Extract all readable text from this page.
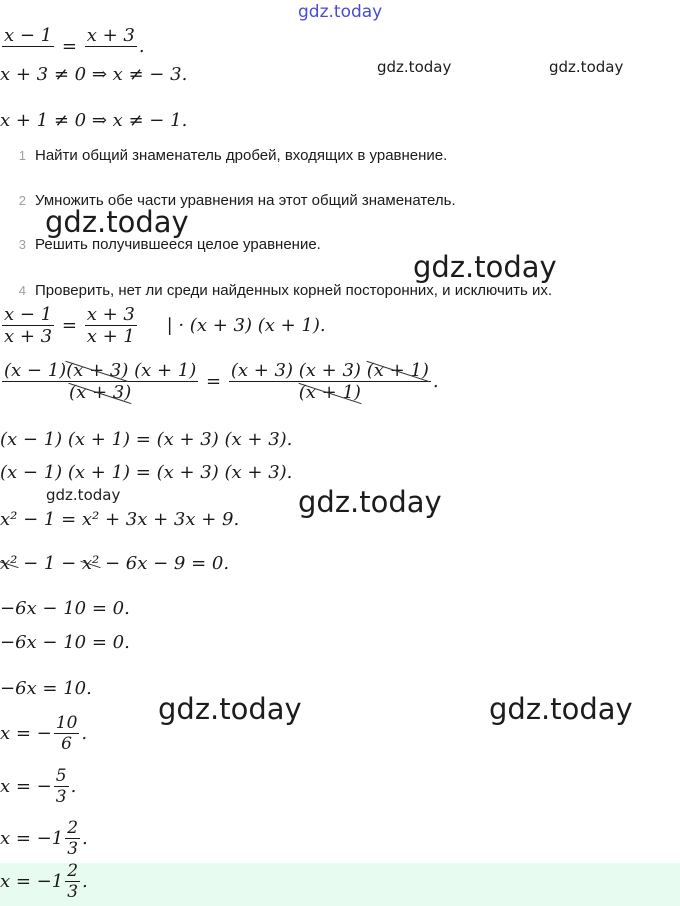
gdz.today
gdz.today	gdz.today
gdz.today
gdz.today
gdz.today	gdz.today
gdz.today	gdz.today
x − 1

=
x + 3

.
x + 3 ≠ 0 ⇒ x ≠ − 3.
x + 1 ≠ 0 ⇒ x ≠ − 1.
1 Найти общий знаменатель дробей, входящих в уравнение.
2 Умножить обе части уравнения на этот общий знаменатель.
3 Решить получившееся целое уравнение.
4 Проверить, нет ли среди найденных корней посторонних, и исключить их.
$\frac{x - 1}{x + 3} = \frac{x + 3}{x + 1}$ | · (x + 3) (x + 1).
$\frac{(x - 1)(x + 3) (x + 1)}{(x + 3)} = \frac{(x + 3) (x + 3) (x + 1)}{(x + 1)}$ .
(x − 1) (x + 1) = (x + 3) (x + 3).
(x − 1) (x + 1) = (x + 3) (x + 3).
x² − 1 = x² + 3x + 3x + 9.
x² − 1 − x² − 6x − 9 = 0.
−6x − 10 = 0.
−6x − 10 = 0.
−6x = 10.
x = − $\frac{10}{6}$ .
x = − $\frac{5}{3}$ .
$x = -1 \frac{2}{3}$ .
$x = -1 \frac{2}{3}$ .
